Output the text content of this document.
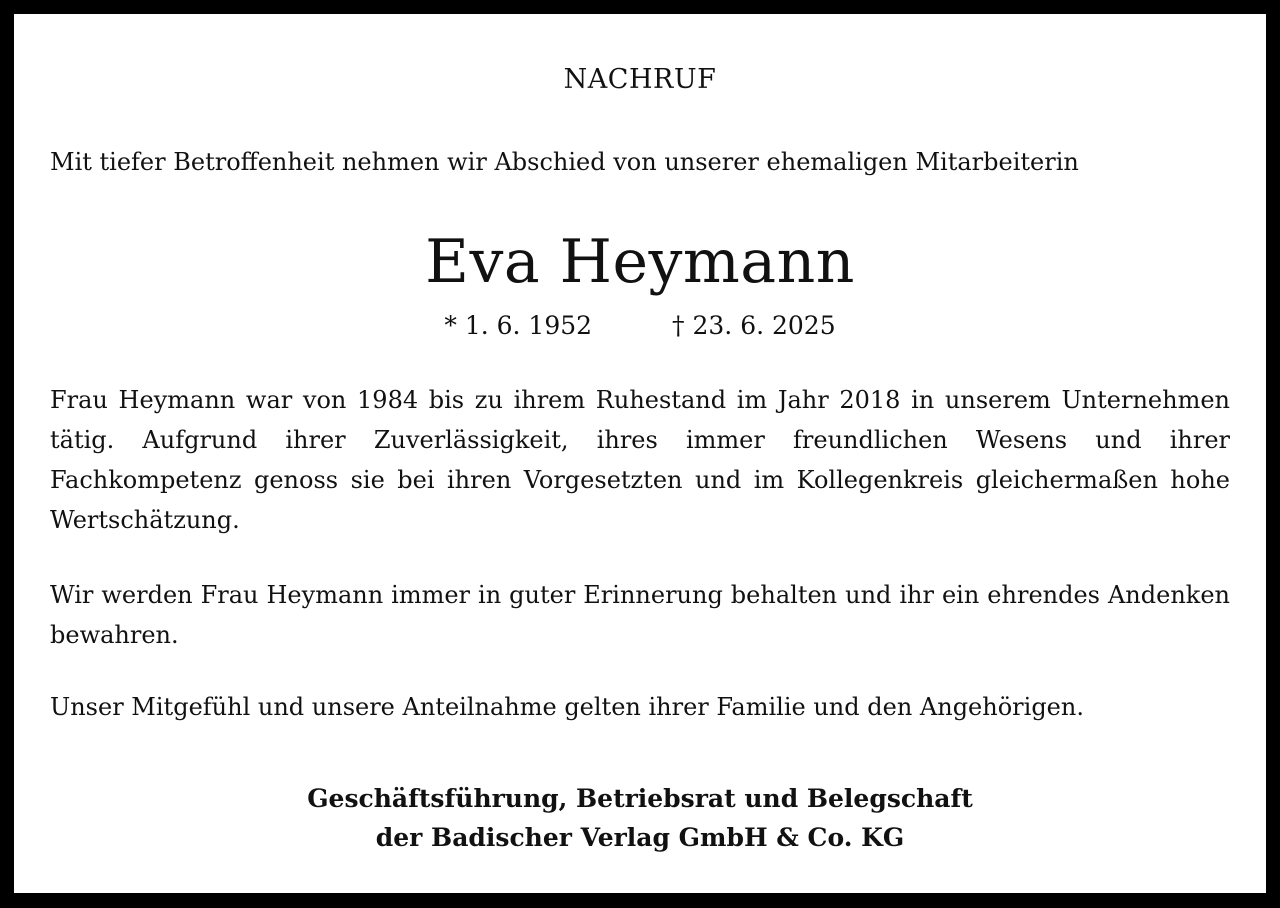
NACHRUF
Mit tiefer Betroffenheit nehmen wir Abschied von unserer ehemaligen Mitarbeiterin
Eva Heymann
* 1. 6. 1952	† 23. 6. 2025
Frau Heymann war von 1984 bis zu ihrem Ruhestand im Jahr 2018 in unserem Unternehmen tätig. Aufgrund ihrer Zuverlässigkeit, ihres immer freundlichen Wesens und ihrer Fachkompetenz genoss sie bei ihren Vorgesetzten und im Kollegenkreis gleichermaßen hohe Wertschätzung.
Wir werden Frau Heymann immer in guter Erinnerung behalten und ihr ein ehrendes Andenken bewahren.
Unser Mitgefühl und unsere Anteilnahme gelten ihrer Familie und den Angehörigen.
Geschäftsführung, Betriebsrat und Belegschaft
der Badischer Verlag GmbH & Co. KG
